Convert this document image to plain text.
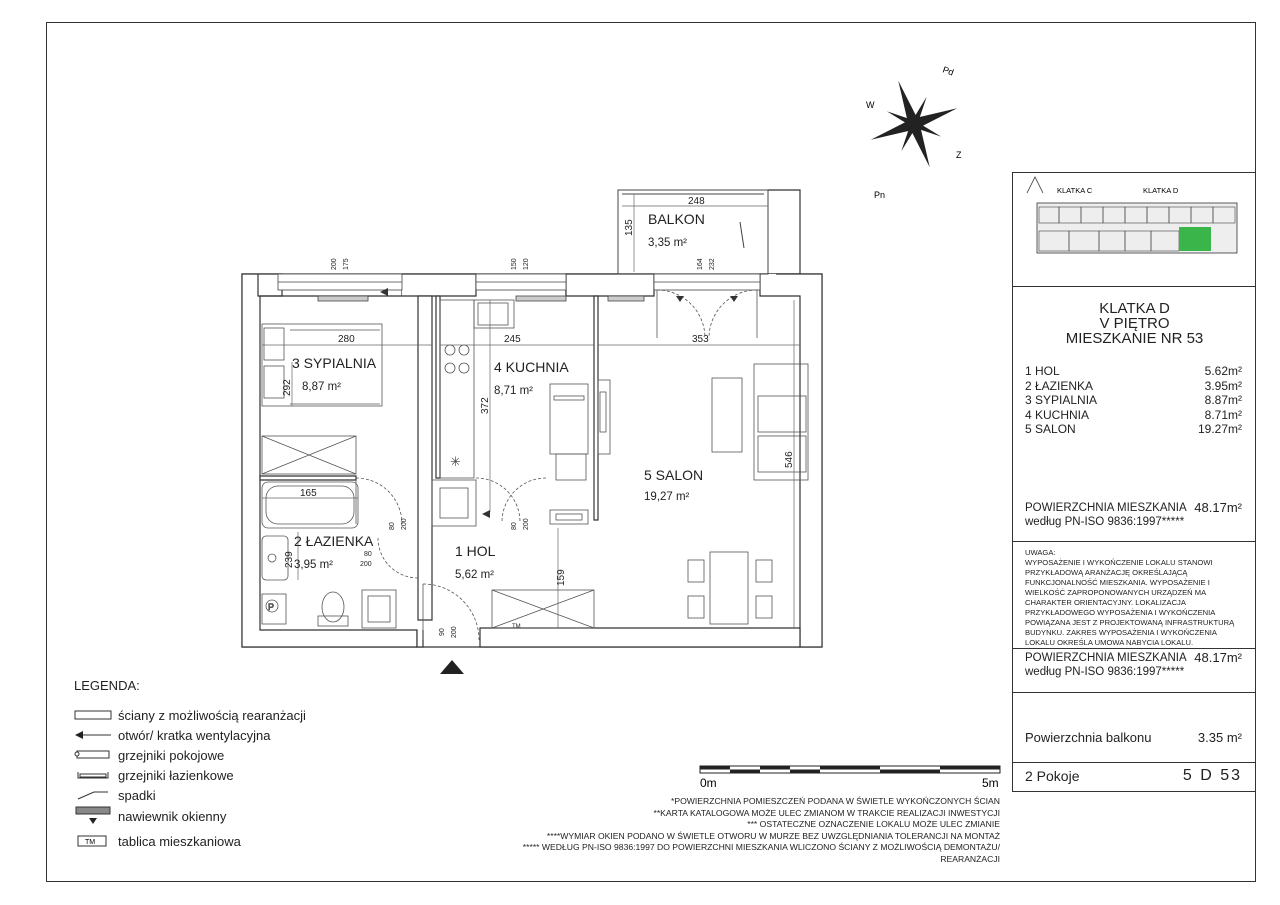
P
✳
BALKON
3,35 m²
248
135
3 SYPIALNIA
8,87 m²
4 KUCHNIA
8,71 m²
5 SALON
19,27 m²
1 HOL
5,62 m²
2 ŁAZIENKA
3,95 m²
280	245	353
292
372
546
165
239
159
200 175	150 120	164 232
80 200	80 200
80
200
90 200	TM
Pd
W
Z
Pn	KLATKA C	KLATKA D
KLATKA D
V PIĘTRO
MIESZKANIE NR 53
1 HOL	5.62m²
2 ŁAZIENKA	3.95m²
3 SYPIALNIA	8.87m²
4 KUCHNIA	8.71m²
5 SALON	19.27m²
POWIERZCHNIA MIESZKANIA
według PN-ISO 9836:1997*****
48.17m²
UWAGA:
WYPOSAŻENIE I WYKOŃCZENIE LOKALU STANOWI PRZYKŁADOWĄ ARANŻACJĘ OKREŚLAJĄCĄ FUNKCJONALNOŚĆ MIESZKANIA. WYPOSAŻENIE I WIELKOŚĆ ZAPROPONOWANYCH URZĄDZEŃ MA CHARAKTER ORIENTACYJNY. LOKALIZACJA PRZYKŁADOWEGO WYPOSAŻENIA I WYKOŃCZENIA POWIĄZANA JEST Z PROJEKTOWANĄ INFRASTRUKTURĄ BUDYNKU. ZAKRES WYPOSAŻENIA I WYKOŃCZENIA LOKALU OKREŚLA UMOWA NABYCIA LOKALU.
POWIERZCHNIA MIESZKANIA
według PN-ISO 9836:1997*****
48.17m²
Powierzchnia balkonu	3.35 m²
2 Pokoje	5 D 53
LEGENDA:
ściany z możliwością rearanżacji
otwór/ kratka wentylacyjna
grzejniki pokojowe
grzejniki łazienkowe
spadki
nawiewnik okienny
TM tablica mieszkaniowa
0m	5m
*POWIERZCHNIA POMIESZCZEŃ PODANA W ŚWIETLE WYKOŃCZONYCH ŚCIAN
**KARTA KATALOGOWA MOŻE ULEC ZMIANOM W TRAKCIE REALIZACJI INWESTYCJI
*** OSTATECZNE OZNACZENIE LOKALU MOŻE ULEC ZMIANIE
****WYMIAR OKIEN PODANO W ŚWIETLE OTWORU W MURZE BEZ UWZGLĘDNIANIA TOLERANCJI NA MONTAŻ
***** WEDŁUG PN-ISO 9836:1997 DO POWIERZCHNI MIESZKANIA WLICZONO ŚCIANY Z MOŻLIWOŚCIĄ DEMONTAŻU/
REARANŻACJI
